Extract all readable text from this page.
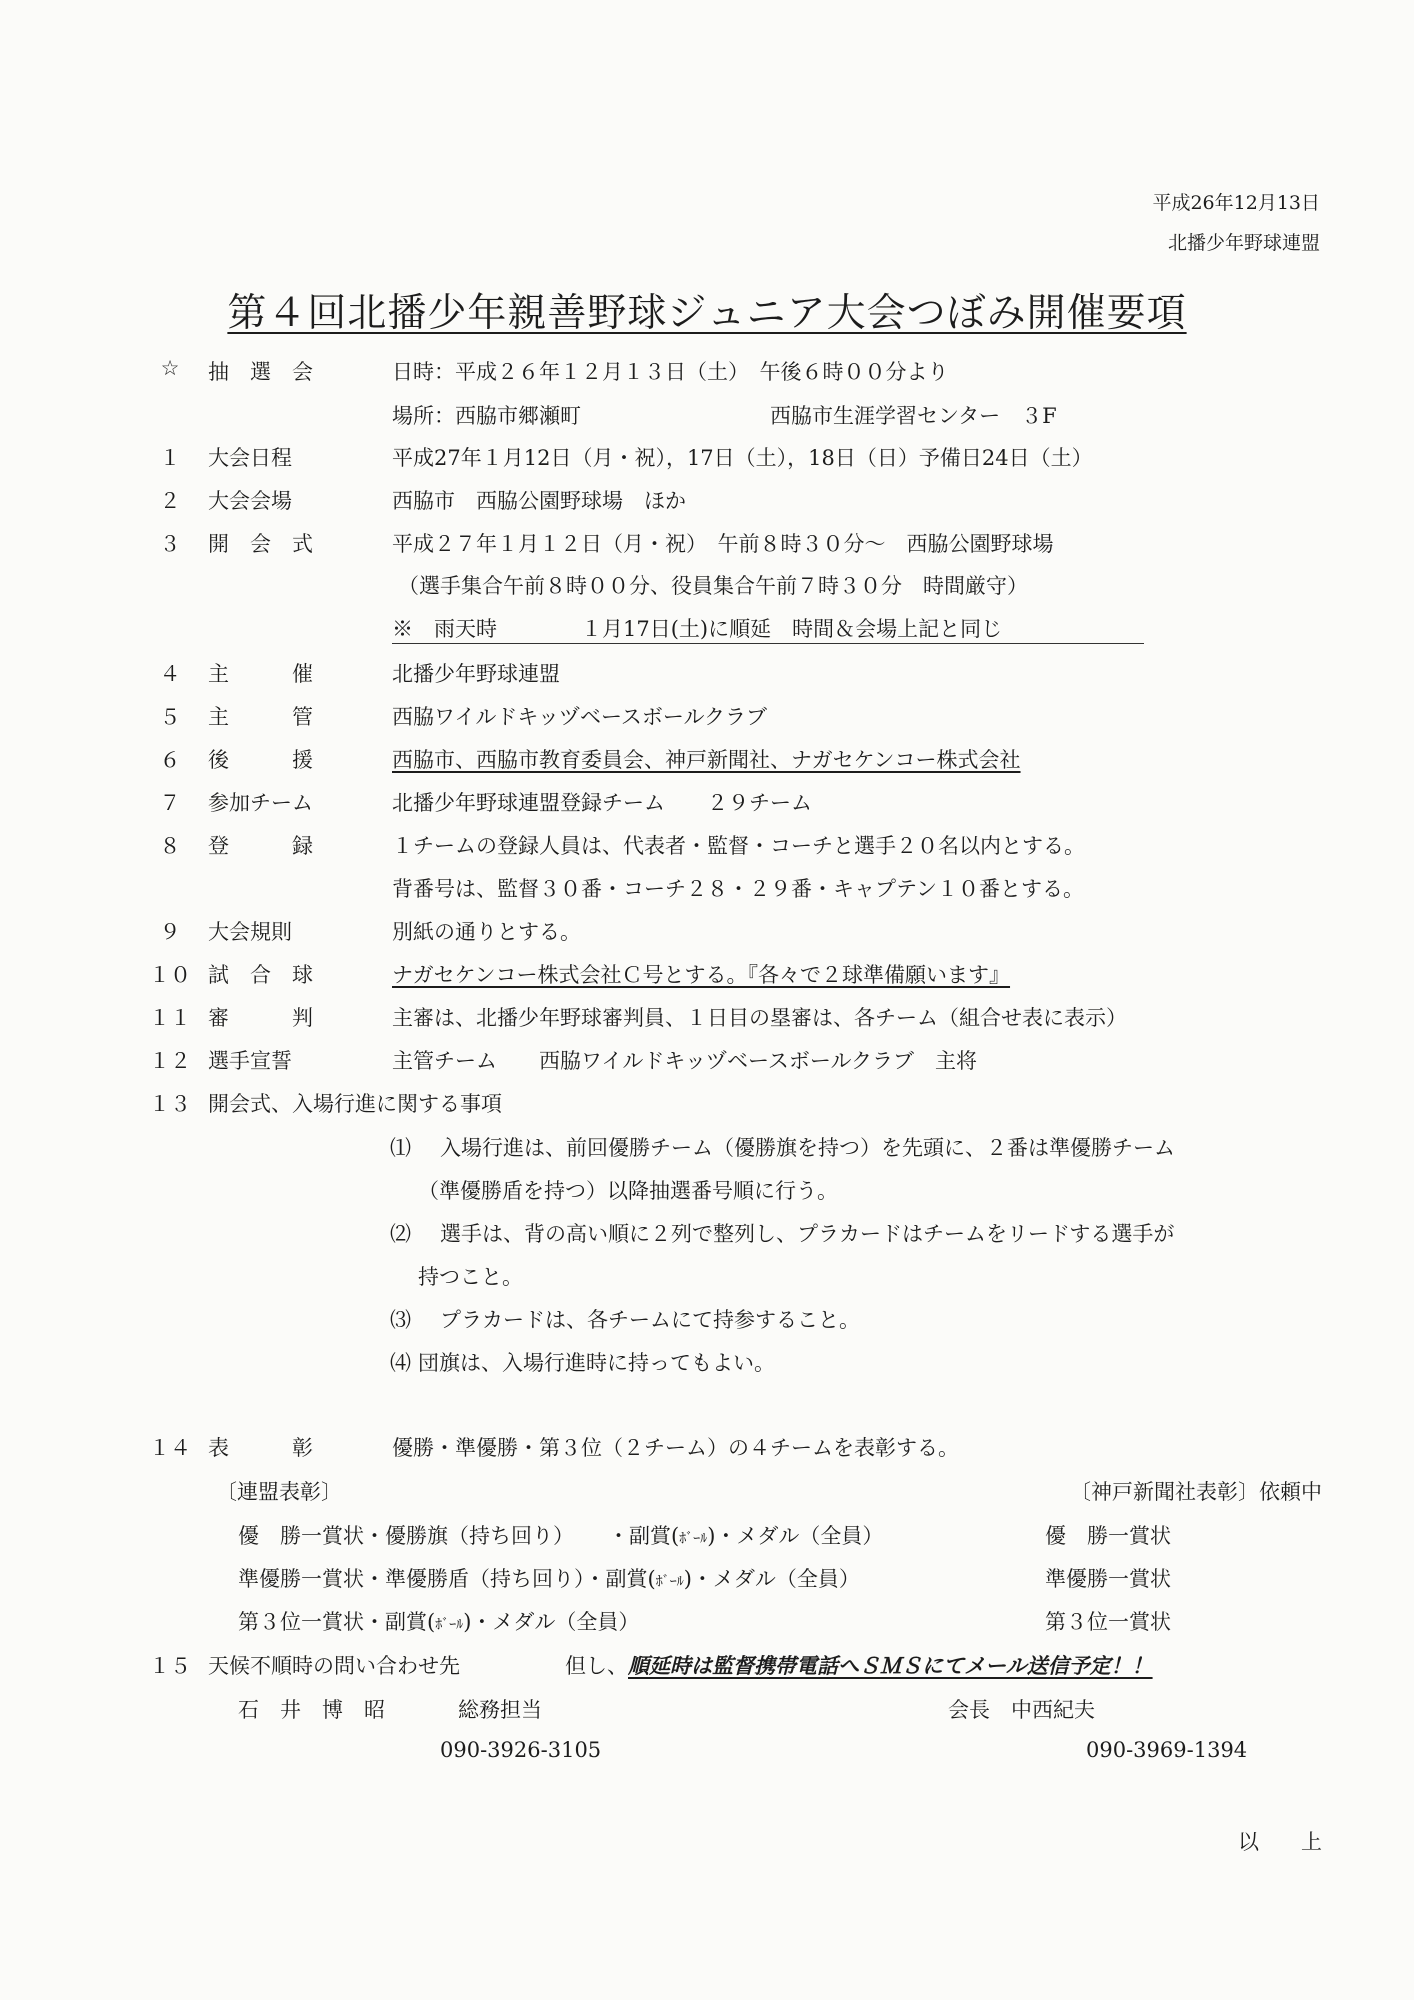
平成26年12月13日
北播少年野球連盟
第４回北播少年親善野球ジュニア大会つぼみ開催要項
☆	抽　選　会	日時：平成２６年１２月１３日（土）　午後６時００分より
場所：西脇市郷瀬町	西脇市生涯学習センター　３F
１	大会日程	平成27年１月12日（月・祝），17日（土），18日（日）予備日24日（土）
２	大会会場	西脇市　西脇公園野球場　ほか
３	開　会　式	平成２７年１月１２日（月・祝）　午前８時３０分～　西脇公園野球場
（選手集合午前８時００分、役員集合午前７時３０分　時間厳守）
※　雨天時　　　　１月17日(土)に順延　時間＆会場上記と同じ
４	主　　　催	北播少年野球連盟
５	主　　　管	西脇ワイルドキッヅベースボールクラブ
６	後　　　援	西脇市、西脇市教育委員会、神戸新聞社、ナガセケンコー株式会社
７	参加チーム	北播少年野球連盟登録チーム　　２９チーム
８	登　　　録	１チームの登録人員は、代表者・監督・コーチと選手２０名以内とする。
背番号は、監督３０番・コーチ２８・２９番・キャプテン１０番とする。
９	大会規則	別紙の通りとする。
１０ 試　合　球	ナガセケンコー株式会社Ｃ号とする。『各々で２球準備願います』
１１ 審　　　判	主審は、北播少年野球審判員、１日目の塁審は、各チーム（組合せ表に表示）
１２ 選手宣誓	主管チーム　　西脇ワイルドキッヅベースボールクラブ　主将
１３ 開会式、入場行進に関する事項
⑴ 入場行進は、前回優勝チーム（優勝旗を持つ）を先頭に、２番は準優勝チーム
（準優勝盾を持つ）以降抽選番号順に行う。
⑵ 選手は、背の高い順に２列で整列し、プラカードはチームをリードする選手が
持つこと。
⑶ プラカードは、各チームにて持参すること。
⑷ 団旗は、入場行進時に持ってもよい。
１４ 表　　　彰	優勝・準優勝・第３位（２チーム）の４チームを表彰する。
〔連盟表彰〕	〔神戸新聞社表彰〕依頼中
優　勝一賞状・優勝旗（持ち回り） ・副賞(ﾎﾞｰﾙ)・メダル（全員）	優　勝一賞状
準優勝一賞状・準優勝盾（持ち回り）・副賞(ﾎﾞｰﾙ)・メダル（全員）	準優勝一賞状
第３位一賞状・副賞(ﾎﾞｰﾙ)・メダル（全員）	第３位一賞状
１５ 天候不順時の問い合わせ先	但し、順延時は監督携帯電話へＳＭＳにてメール送信予定！！
石　井　博　昭	総務担当
090-3926-3105
会長　中西紀夫
090-3969-1394
以　　上
